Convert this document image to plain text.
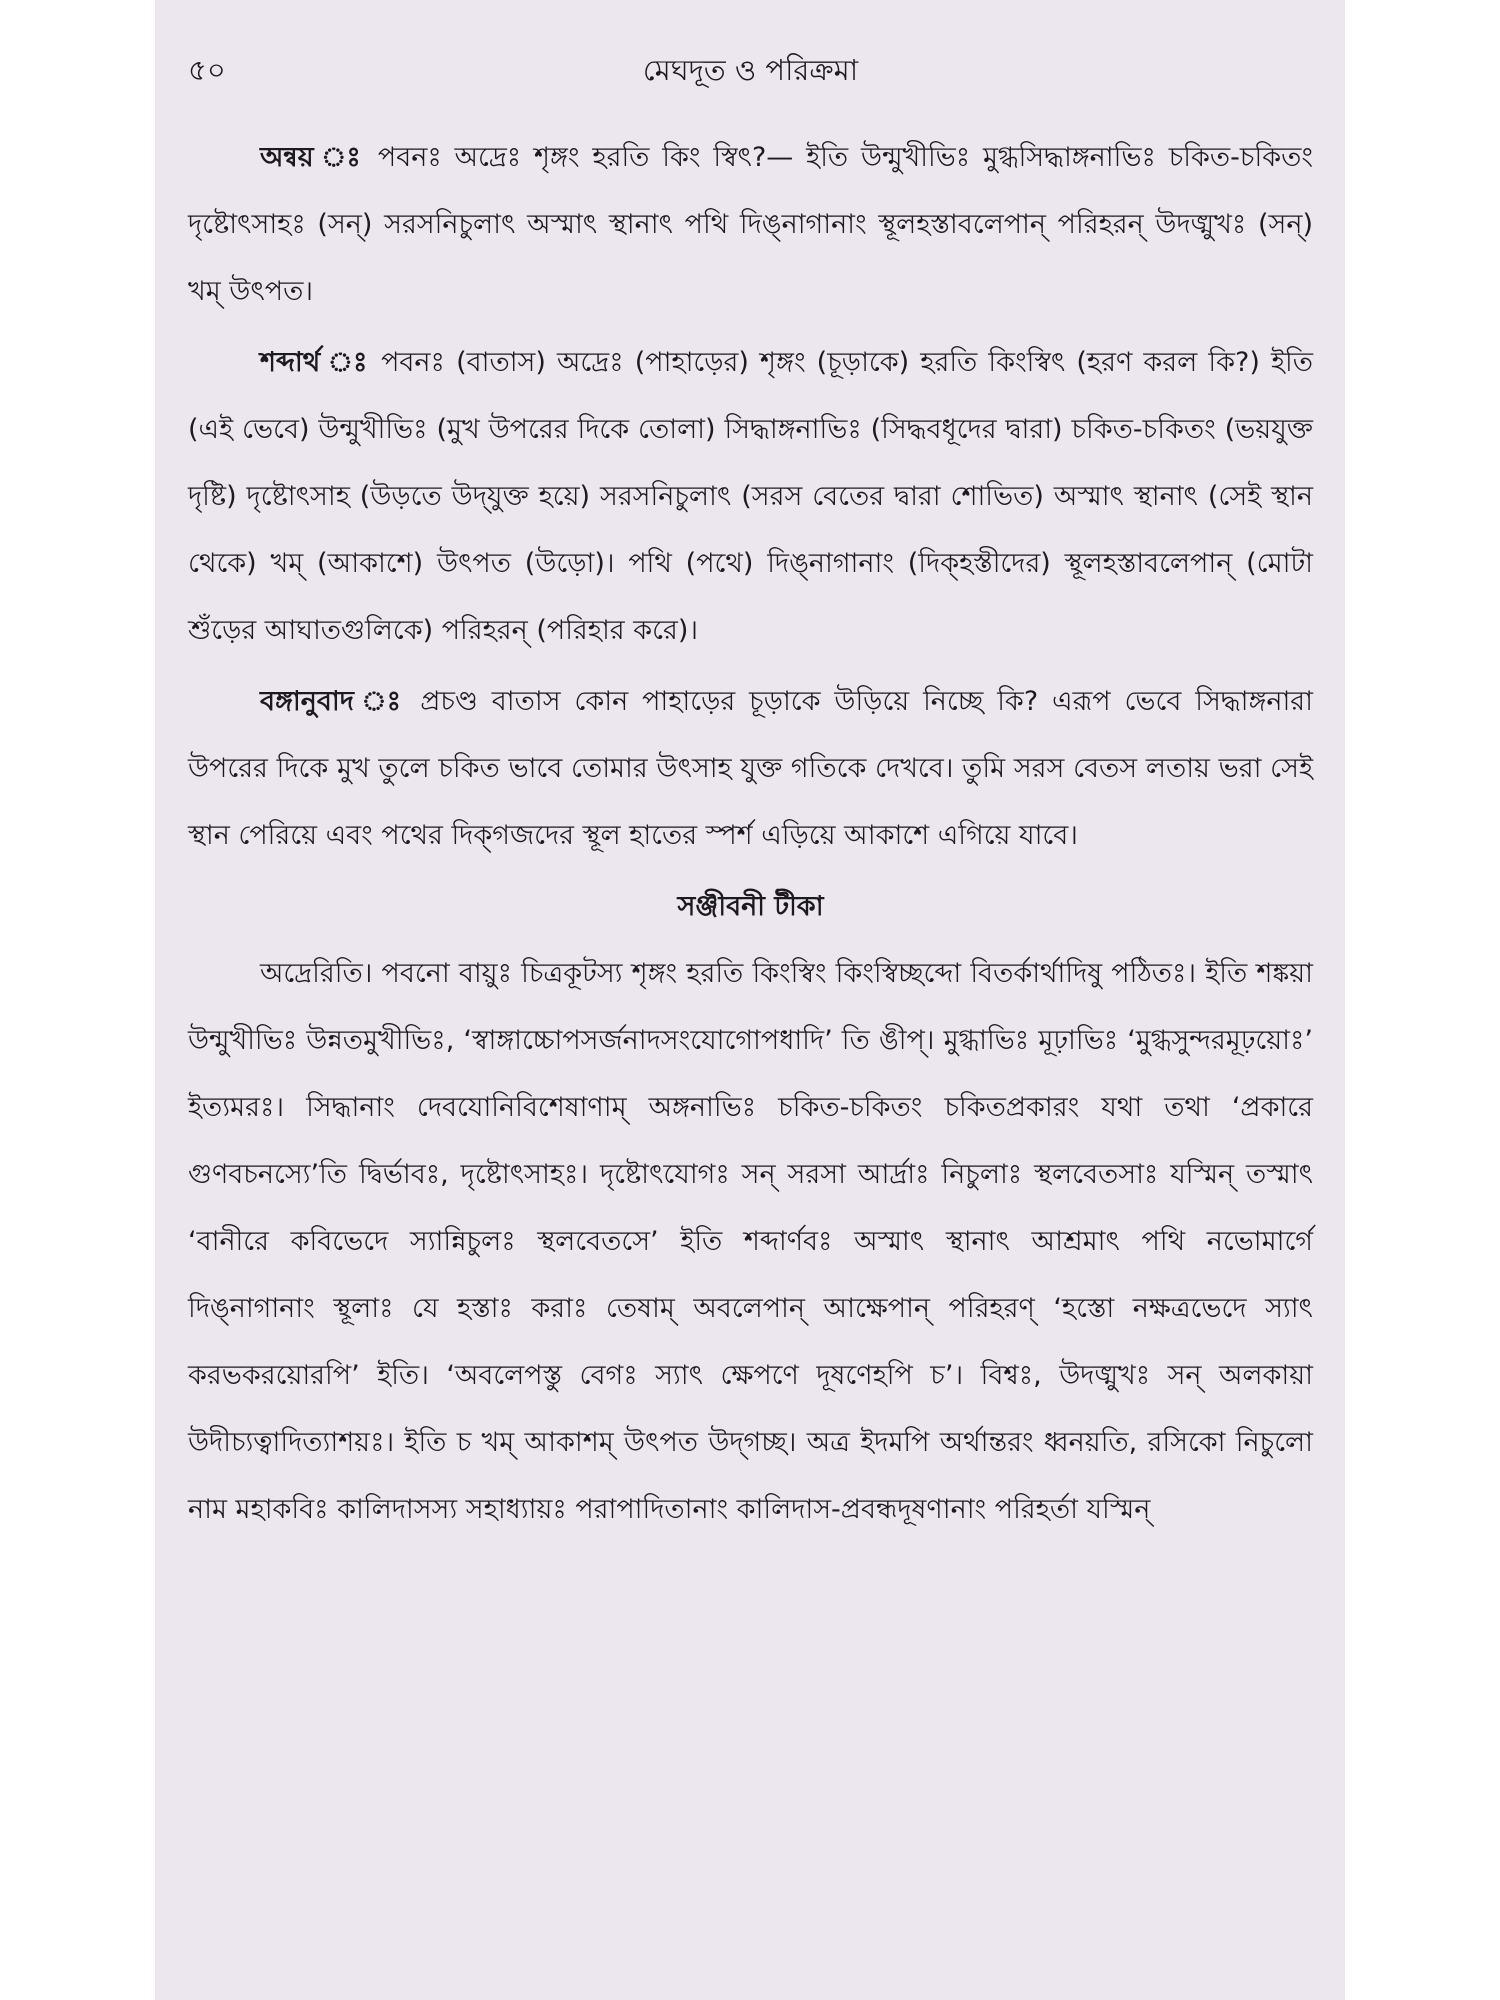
৫০	মেঘদূত ও পরিক্রমা

অন্বয় ঃ পবনঃ অদ্রেঃ শৃঙ্গং হরতি কিং স্বিৎ?— ইতি উন্মুখীভিঃ মুগ্ধসিদ্ধাঙ্গনাভিঃ চকিত-চকিতং দৃষ্টোৎসাহঃ (সন্) সরসনিচুলাৎ অস্মাৎ স্থানাৎ পথি দিঙ্নাগানাং স্থূলহস্তাবলেপান্ পরিহরন্ উদঙ্মুখঃ (সন্) খম্ উৎপত।

শব্দার্থ ঃ পবনঃ (বাতাস) অদ্রেঃ (পাহাড়ের) শৃঙ্গং (চূড়াকে) হরতি কিংস্বিৎ (হরণ করল কি?) ইতি (এই ভেবে) উন্মুখীভিঃ (মুখ উপরের দিকে তোলা) সিদ্ধাঙ্গনাভিঃ (সিদ্ধবধূদের দ্বারা) চকিত-চকিতং (ভয়যুক্ত দৃষ্টি) দৃষ্টোৎসাহ (উড়তে উদ্‌যুক্ত হয়ে) সরসনিচুলাৎ (সরস বেতের দ্বারা শোভিত) অস্মাৎ স্থানাৎ (সেই স্থান থেকে) খম্ (আকাশে) উৎপত (উড়ো)। পথি (পথে) দিঙ্নাগানাং (দিক্‌হস্তীদের) স্থূলহস্তাবলেপান্ (মোটা শুঁড়ের আঘাতগুলিকে) পরিহরন্ (পরিহার করে)।

বঙ্গানুবাদ ঃ প্রচণ্ড বাতাস কোন পাহাড়ের চূড়াকে উড়িয়ে নিচ্ছে কি? এরূপ ভেবে সিদ্ধাঙ্গনারা উপরের দিকে মুখ তুলে চকিত ভাবে তোমার উৎসাহ যুক্ত গতিকে দেখবে। তুমি সরস বেতস লতায় ভরা সেই স্থান পেরিয়ে এবং পথের দিক্‌গজদের স্থূল হাতের স্পর্শ এড়িয়ে আকাশে এগিয়ে যাবে।

সঞ্জীবনী টীকা

অদ্রেরিতি। পবনো বায়ুঃ চিত্রকূটস্য শৃঙ্গং হরতি কিংস্বিং কিংস্বিচ্ছব্দো বিতর্কার্থাদিষু পঠিতঃ। ইতি শঙ্কয়া উন্মুখীভিঃ উন্নতমুখীভিঃ, ‘স্বাঙ্গাচ্চোপসর্জনাদসংযোগোপধাদি’ তি ঙীপ্। মুগ্ধাভিঃ মূঢ়াভিঃ ‘মুগ্ধসুন্দরমূঢ়য়োঃ’ ইত্যমরঃ। সিদ্ধানাং দেবযোনিবিশেষাণাম্ অঙ্গনাভিঃ চকিত-চকিতং চকিতপ্রকারং যথা তথা ‘প্রকারে গুণবচনস্যে’তি দ্বির্ভাবঃ, দৃষ্টোৎসাহঃ। দৃষ্টোৎযোগঃ সন্ সরসা আর্দ্রাঃ নিচুলাঃ স্থলবেতসাঃ যস্মিন্ তস্মাৎ ‘বানীরে কবিভেদে স্যান্নিচুলঃ স্থলবেতসে’ ইতি শব্দার্ণবঃ অস্মাৎ স্থানাৎ আশ্রমাৎ পথি নভোমার্গে দিঙ্নাগানাং স্থূলাঃ যে হস্তাঃ করাঃ তেষাম্ অবলেপান্ আক্ষেপান্ পরিহরণ্ ‘হস্তো নক্ষত্রভেদে স্যাৎ করভকরয়োরপি’ ইতি। ‘অবলেপস্তু বেগঃ স্যাৎ ক্ষেপণে দূষণেহপি চ’। বিশ্বঃ, উদঙ্মুখঃ সন্ অলকায়া উদীচ্যত্বাদিত্যাশয়ঃ। ইতি চ খম্ আকাশম্ উৎপত উদ্‌গচ্ছ। অত্র ইদমপি অর্থান্তরং ধ্বনয়তি, রসিকো নিচুলো নাম মহাকবিঃ কালিদাসস্য সহাধ্যায়ঃ পরাপাদিতানাং কালিদাস-প্রবন্ধদূষণানাং পরিহর্তা যস্মিন্
